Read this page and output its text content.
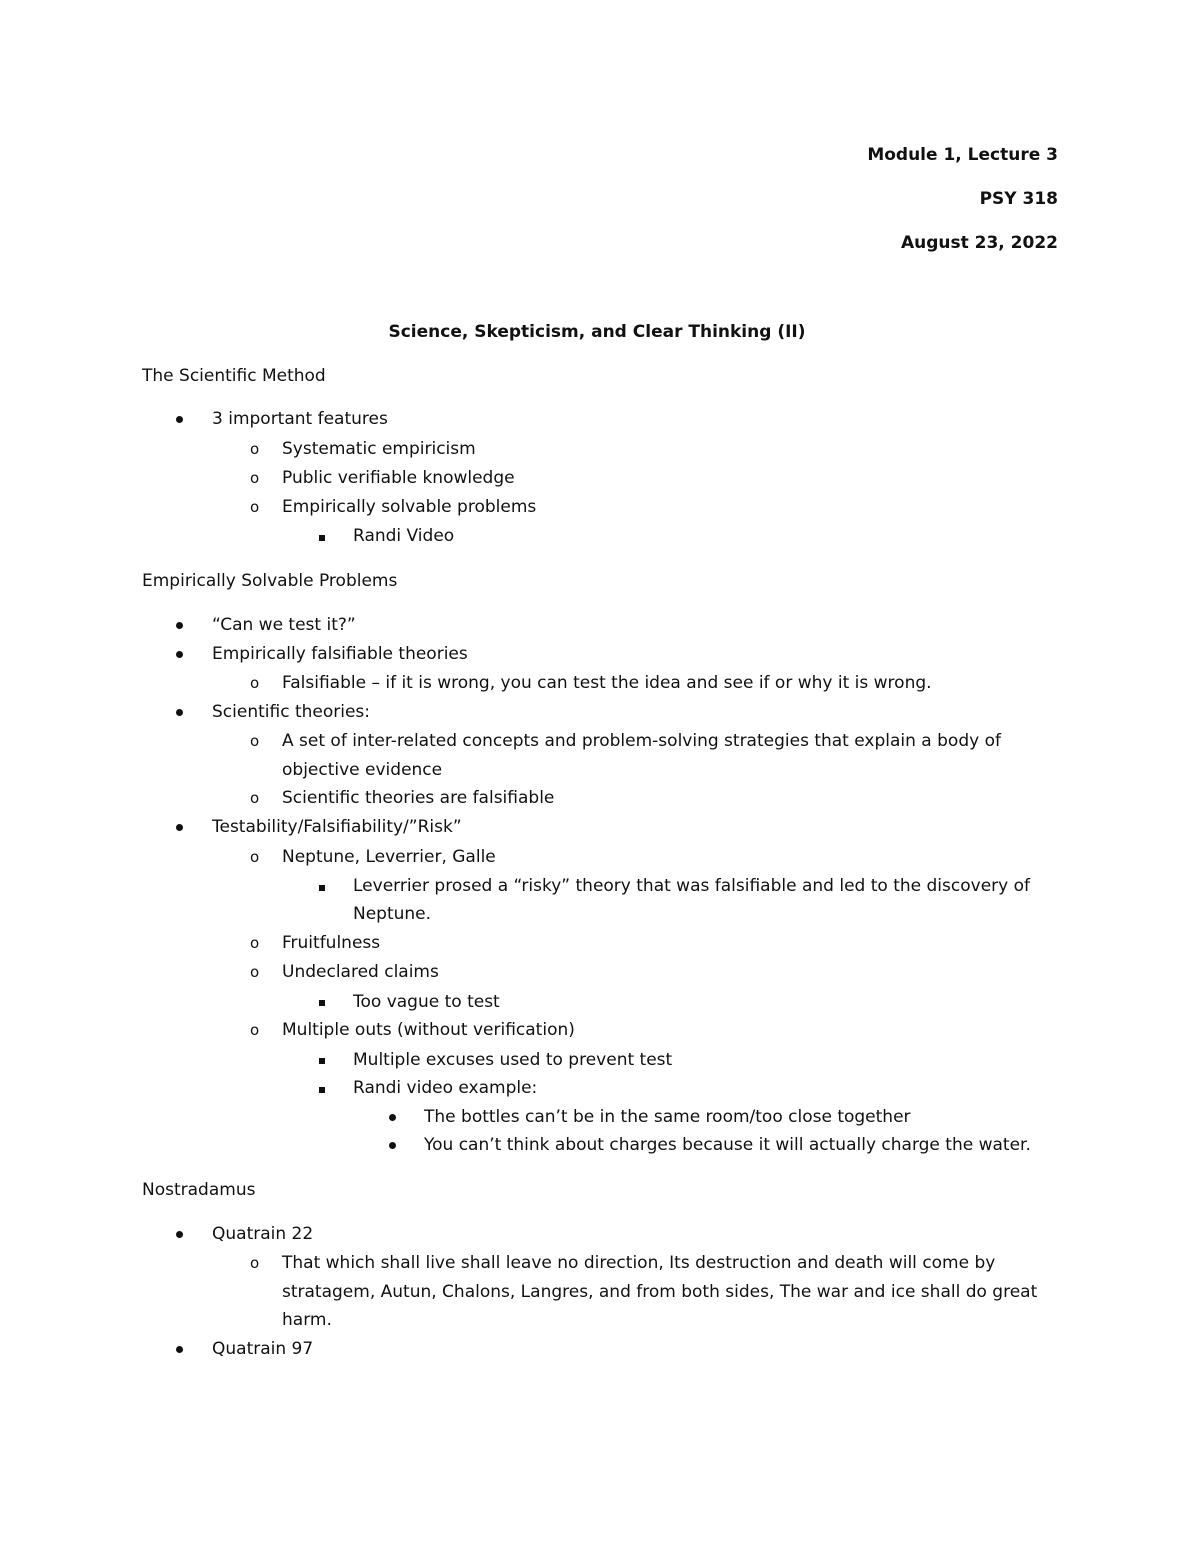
Module 1, Lecture 3
PSY 318
August 23, 2022
Science, Skepticism, and Clear Thinking (II)
The Scientific Method
3 important features
o Systematic empiricism
o Public verifiable knowledge
o Empirically solvable problems
Randi Video
Empirically Solvable Problems
“Can we test it?”
Empirically falsifiable theories
o Falsifiable – if it is wrong, you can test the idea and see if or why it is wrong.
Scientific theories:
o A set of inter-related concepts and problem-solving strategies that explain a body of
objective evidence
o Scientific theories are falsifiable
Testability/Falsifiability/”Risk”
o Neptune, Leverrier, Galle
Leverrier prosed a “risky” theory that was falsifiable and led to the discovery of
Neptune.
o Fruitfulness
o Undeclared claims
Too vague to test
o Multiple outs (without verification)
Multiple excuses used to prevent test
Randi video example:
The bottles can’t be in the same room/too close together
You can’t think about charges because it will actually charge the water.
Nostradamus
Quatrain 22
o That which shall live shall leave no direction, Its destruction and death will come by
stratagem, Autun, Chalons, Langres, and from both sides, The war and ice shall do great
harm.
Quatrain 97
